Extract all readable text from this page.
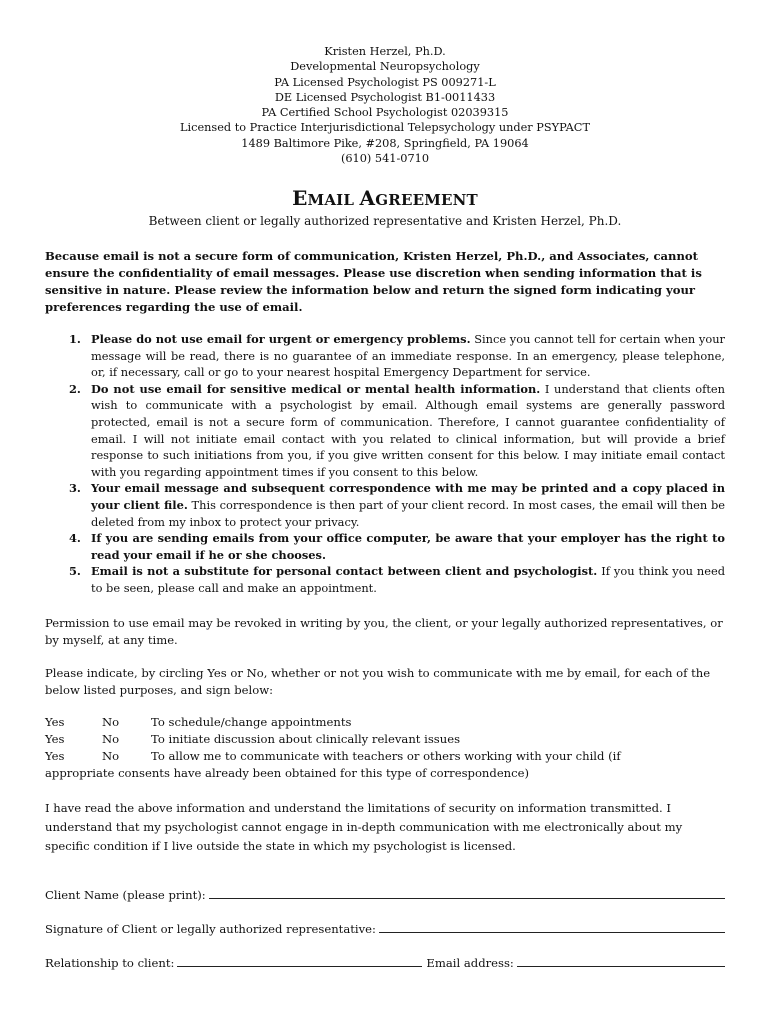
Kristen Herzel, Ph.D.
Developmental Neuropsychology
PA Licensed Psychologist PS 009271-L
DE Licensed Psychologist B1-0011433
PA Certified School Psychologist 02039315
Licensed to Practice Interjurisdictional Telepsychology under PSYPACT
1489 Baltimore Pike, #208, Springfield, PA 19064
(610) 541-0710
EMAIL AGREEMENT
Between client or legally authorized representative and Kristen Herzel, Ph.D.
Because email is not a secure form of communication, Kristen Herzel, Ph.D., and Associates, cannot ensure the confidentiality of email messages. Please use discretion when sending information that is sensitive in nature. Please review the information below and return the signed form indicating your preferences regarding the use of email.
1. Please do not use email for urgent or emergency problems. Since you cannot tell for certain when your message will be read, there is no guarantee of an immediate response. In an emergency, please telephone, or, if necessary, call or go to your nearest hospital Emergency Department for service.
2. Do not use email for sensitive medical or mental health information. I understand that clients often wish to communicate with a psychologist by email. Although email systems are generally password protected, email is not a secure form of communication. Therefore, I cannot guarantee confidentiality of email. I will not initiate email contact with you related to clinical information, but will provide a brief response to such initiations from you, if you give written consent for this below. I may initiate email contact with you regarding appointment times if you consent to this below.
3. Your email message and subsequent correspondence with me may be printed and a copy placed in your client file. This correspondence is then part of your client record. In most cases, the email will then be deleted from my inbox to protect your privacy.
4. If you are sending emails from your office computer, be aware that your employer has the right to read your email if he or she chooses.
5. Email is not a substitute for personal contact between client and psychologist. If you think you need to be seen, please call and make an appointment.
Permission to use email may be revoked in writing by you, the client, or your legally authorized representatives, or by myself, at any time.
Please indicate, by circling Yes or No, whether or not you wish to communicate with me by email, for each of the below listed purposes, and sign below:
Yes	No	To schedule/change appointments
Yes	No	To initiate discussion about clinically relevant issues
Yes	No	To allow me to communicate with teachers or others working with your child (if
appropriate consents have already been obtained for this type of correspondence)
I have read the above information and understand the limitations of security on information transmitted. I understand that my psychologist cannot engage in in-depth communication with me electronically about my specific condition if I live outside the state in which my psychologist is licensed.
Client Name (please print):
Signature of Client or legally authorized representative:
Relationship to client:	Email address:
